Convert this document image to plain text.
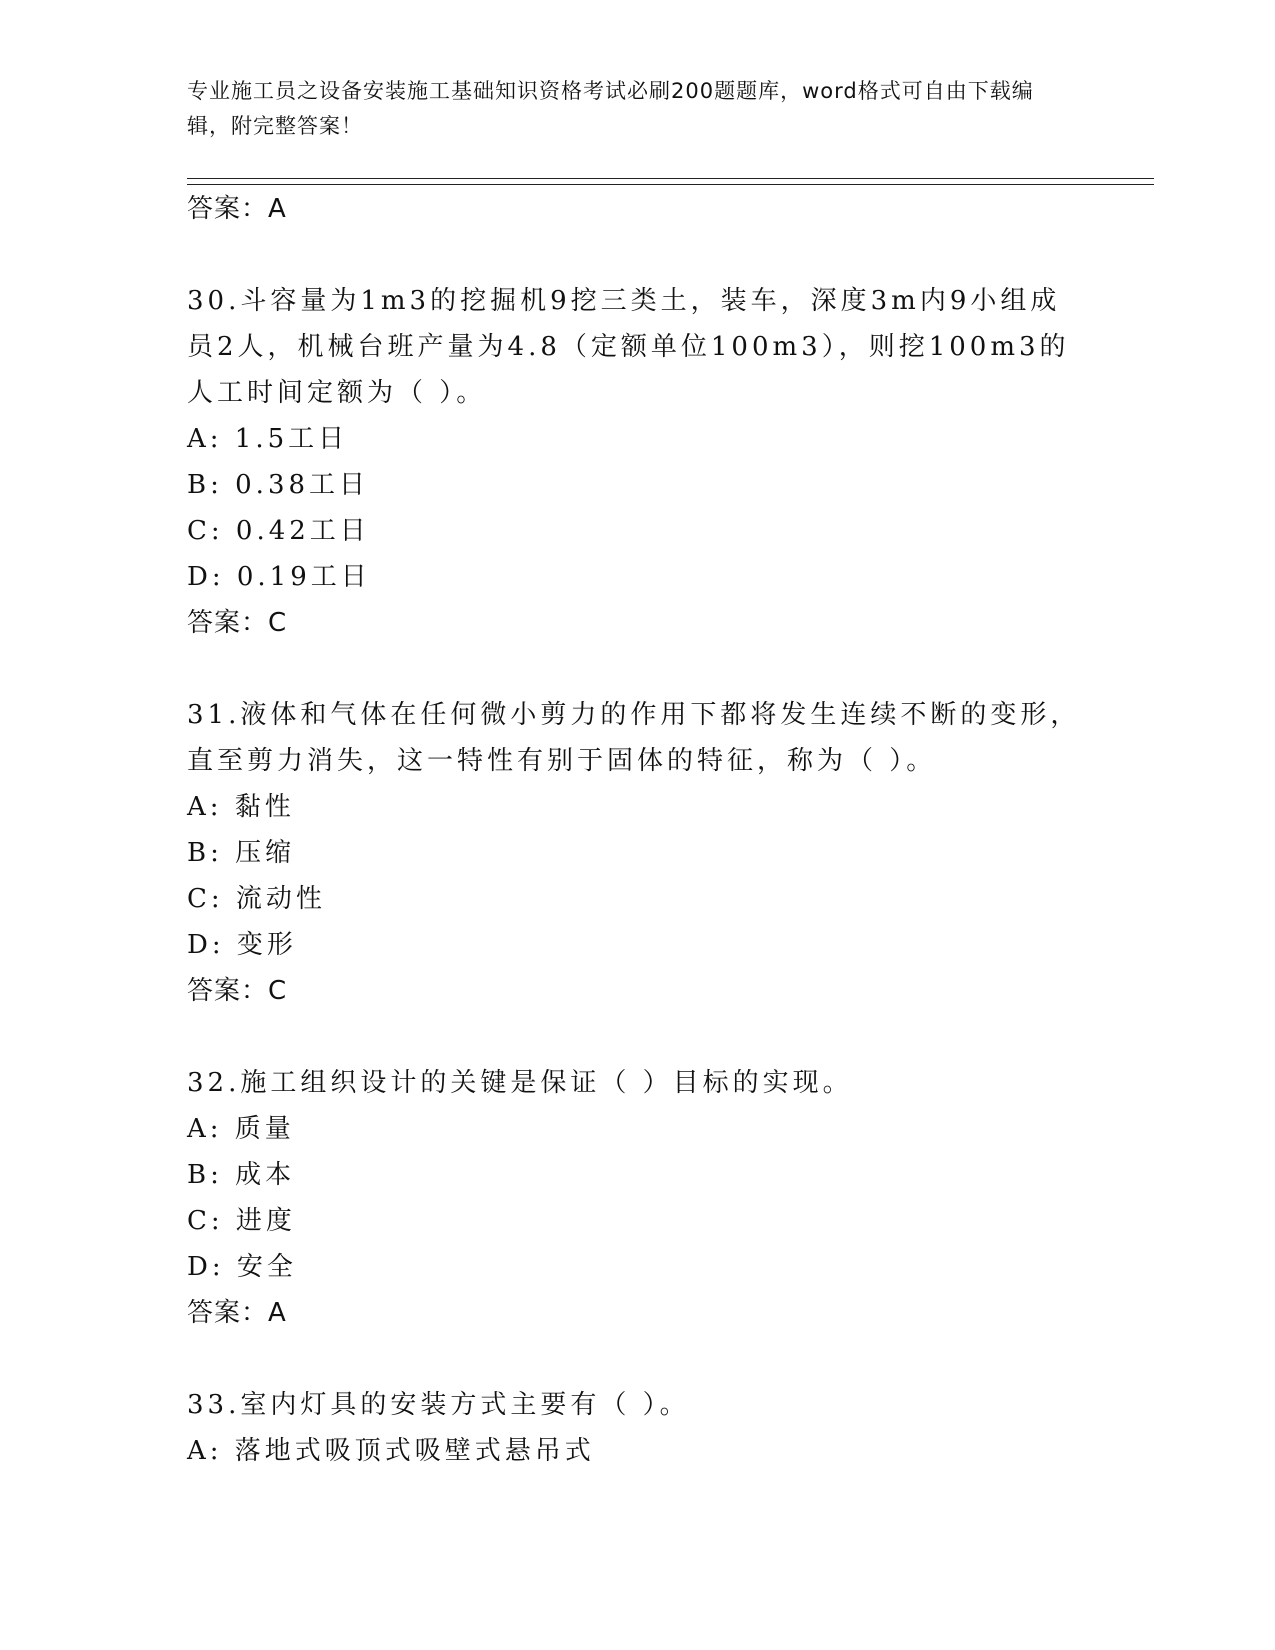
专业施工员之设备安装施工基础知识资格考试必刷200题题库，word格式可自由下载编辑，附完整答案！
答案：A
30.斗容量为1m3的挖掘机9挖三类土，装车，深度3m内9小组成员2人，机械台班产量为4.8（定额单位100m3），则挖100m3的人工时间定额为（ ）。
A: 1.5工日
B: 0.38工日
C: 0.42工日
D: 0.19工日
答案：C
31.液体和气体在任何微小剪力的作用下都将发生连续不断的变形，直至剪力消失，这一特性有别于固体的特征，称为（ ）。
A: 黏性
B: 压缩
C: 流动性
D: 变形
答案：C
32.施工组织设计的关键是保证（ ）目标的实现。
A: 质量
B: 成本
C: 进度
D: 安全
答案：A
33.室内灯具的安装方式主要有（ ）。
A: 落地式吸顶式吸壁式悬吊式
